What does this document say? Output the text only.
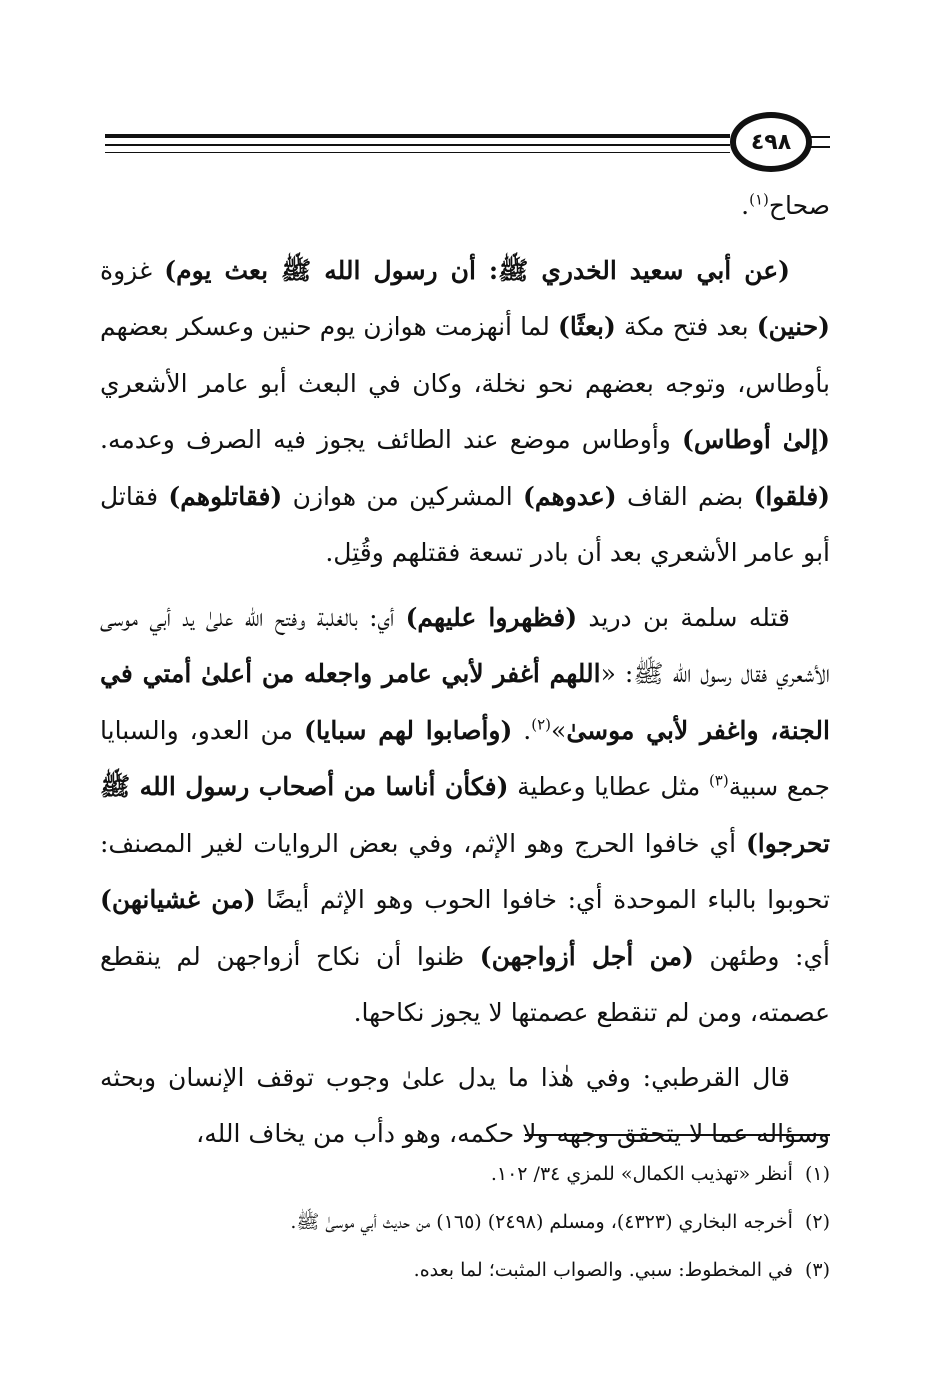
٤٩٨

صحاح$^{(١)}$.

(عن أبي سعيد الخدري ﷺ: أن رسول الله ﷺ بعث يوم) غزوة (حنين) بعد فتح مكة (بعثًا) لما أنهزمت هوازن يوم حنين وعسكر بعضهم بأوطاس، وتوجه بعضهم نحو نخلة، وكان في البعث أبو عامر الأشعري (إلىٰ أوطاس) وأوطاس موضع عند الطائف يجوز فيه الصرف وعدمه. (فلقوا) بضم القاف (عدوهم) المشركين من هوازن (فقاتلوهم) فقاتل أبو عامر الأشعري بعد أن بادر تسعة فقتلهم وقُتِل.

قتله سلمة بن دريد (فظهروا عليهم) أي: بالغلبة وفتح الله علىٰ يد أبي موسى الأشعري فقال رسول الله ﷺ: «اللهم أغفر لأبي عامر واجعله من أعلىٰ أمتي في الجنة، واغفر لأبي موسىٰ»$^{(٢)}$. (وأصابوا لهم سبايا) من العدو، والسبايا جمع سبية$^{(٣)}$ مثل عطايا وعطية (فكأن أناسا من أصحاب رسول الله ﷺ تحرجوا) أي خافوا الحرج وهو الإثم، وفي بعض الروايات لغير المصنف: تحوبوا بالباء الموحدة أي: خافوا الحوب وهو الإثم أيضًا (من غشيانهن) أي: وطئهن (من أجل أزواجهن) ظنوا أن نكاح أزواجهن لم ينقطع عصمته، ومن لم تنقطع عصمتها لا يجوز نكاحها.

قال القرطبي: وفي هٰذا ما يدل علىٰ وجوب توقف الإنسان وبحثه وسؤاله عما لا يتحقق وجهه ولا حكمه، وهو دأب من يخاف الله،

(١)أنظر «تهذيب الكمال» للمزي ٣٤/ ١٠٢.
(٢)أخرجه البخاري (٤٣٢٣)، ومسلم (٢٤٩٨) (١٦٥) من حديث أبي موسىٰ ﷺ.
(٣)في المخطوط: سبي. والصواب المثبت؛ لما بعده.
